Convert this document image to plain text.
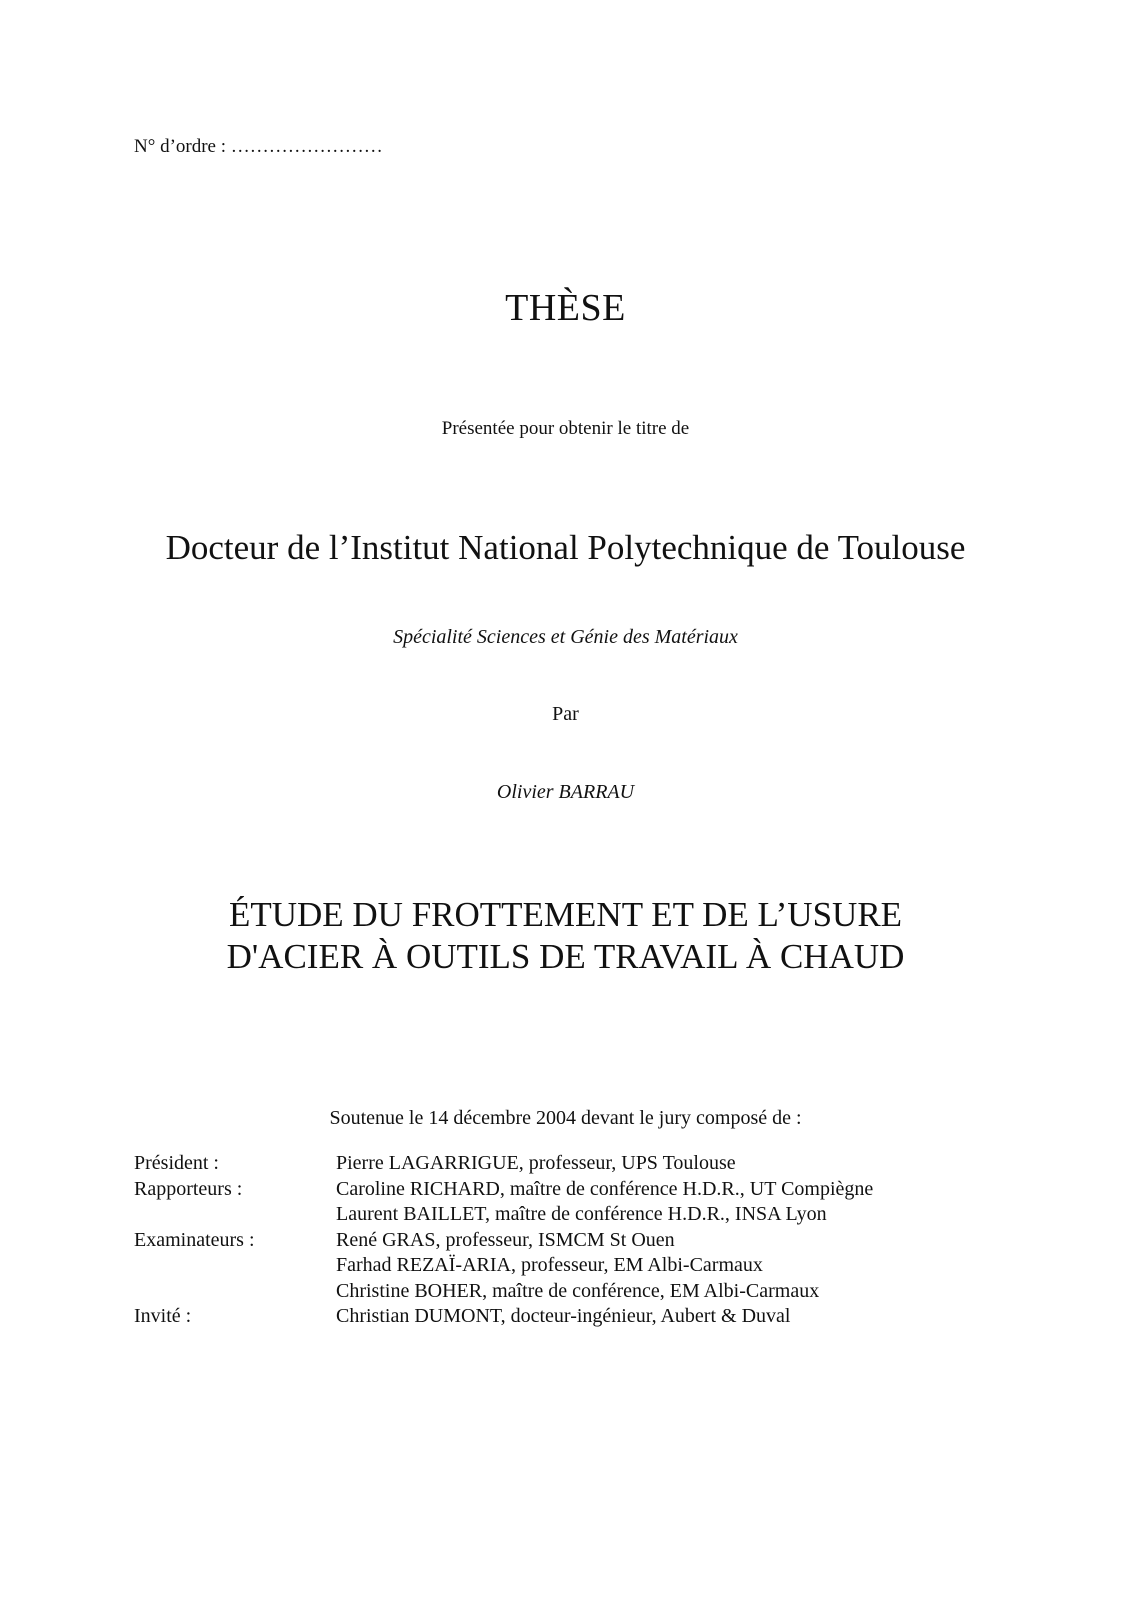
N° d’ordre : ……………………
THÈSE
Présentée pour obtenir le titre de
Docteur de l’Institut National Polytechnique de Toulouse
Spécialité Sciences et Génie des Matériaux
Par
Olivier BARRAU
ÉTUDE DU FROTTEMENT ET DE L’USURE
D'ACIER À OUTILS DE TRAVAIL À CHAUD
Soutenue le 14 décembre 2004 devant le jury composé de :
Président :	Pierre LAGARRIGUE, professeur, UPS Toulouse
Rapporteurs :	Caroline RICHARD, maître de conférence H.D.R., UT Compiègne
Laurent BAILLET, maître de conférence H.D.R., INSA Lyon
Examinateurs :	René GRAS, professeur, ISMCM St Ouen
Farhad REZAÏ-ARIA, professeur, EM Albi-Carmaux
Christine BOHER, maître de conférence, EM Albi-Carmaux
Invité :	Christian DUMONT, docteur-ingénieur, Aubert & Duval
